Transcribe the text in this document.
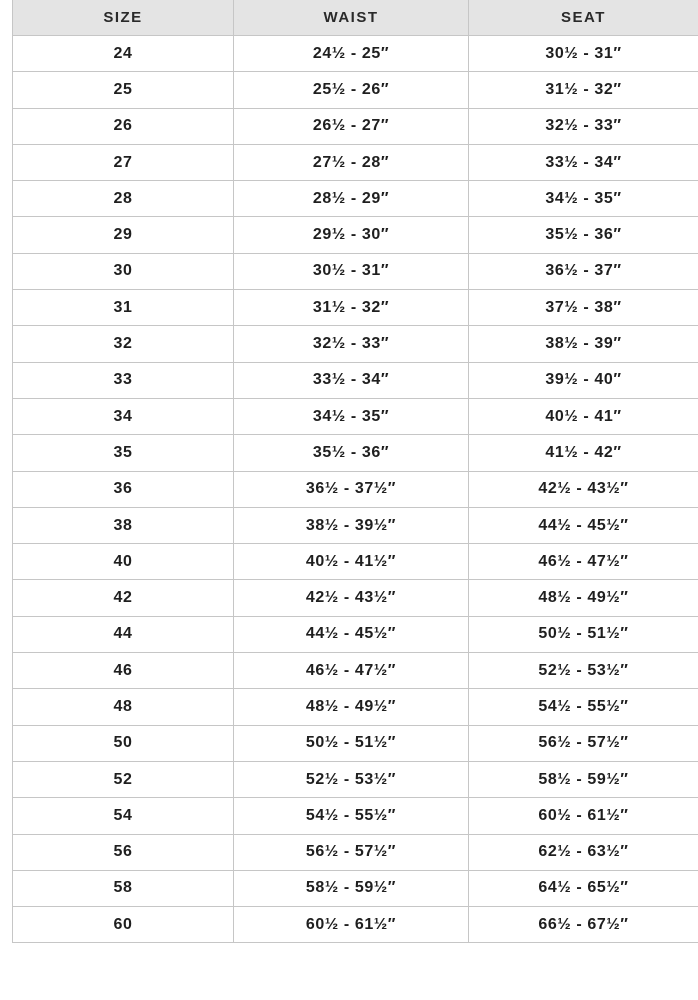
SIZE	WAIST	SEAT
24	24½ - 25″	30½ - 31″
25	25½ - 26″	31½ - 32″
26	26½ - 27″	32½ - 33″
27	27½ - 28″	33½ - 34″
28	28½ - 29″	34½ - 35″
29	29½ - 30″	35½ - 36″
30	30½ - 31″	36½ - 37″
31	31½ - 32″	37½ - 38″
32	32½ - 33″	38½ - 39″
33	33½ - 34″	39½ - 40″
34	34½ - 35″	40½ - 41″
35	35½ - 36″	41½ - 42″
36	36½ - 37½″	42½ - 43½″
38	38½ - 39½″	44½ - 45½″
40	40½ - 41½″	46½ - 47½″
42	42½ - 43½″	48½ - 49½″
44	44½ - 45½″	50½ - 51½″
46	46½ - 47½″	52½ - 53½″
48	48½ - 49½″	54½ - 55½″
50	50½ - 51½″	56½ - 57½″
52	52½ - 53½″	58½ - 59½″
54	54½ - 55½″	60½ - 61½″
56	56½ - 57½″	62½ - 63½″
58	58½ - 59½″	64½ - 65½″
60	60½ - 61½″	66½ - 67½″
